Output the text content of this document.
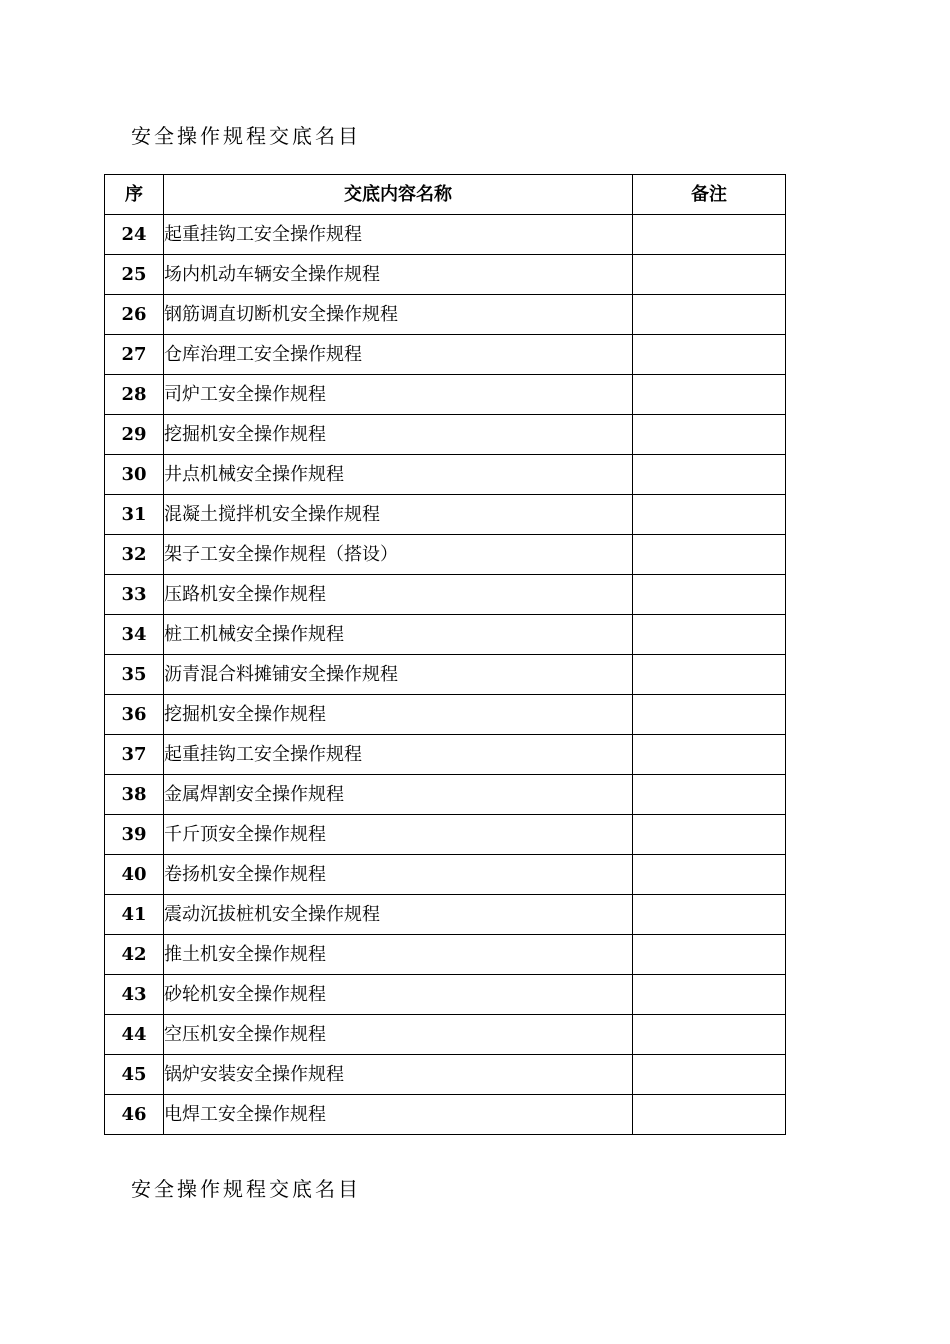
安全操作规程交底名目
序	交底内容名称	备注
24	起重挂钩工安全操作规程	
25	场内机动车辆安全操作规程	
26	钢筋调直切断机安全操作规程	
27	仓库治理工安全操作规程	
28	司炉工安全操作规程	
29	挖掘机安全操作规程	
30	井点机械安全操作规程	
31	混凝土搅拌机安全操作规程	
32	架子工安全操作规程（搭设）	
33	压路机安全操作规程	
34	桩工机械安全操作规程	
35	沥青混合料摊铺安全操作规程	
36	挖掘机安全操作规程	
37	起重挂钩工安全操作规程	
38	金属焊割安全操作规程	
39	千斤顶安全操作规程	
40	卷扬机安全操作规程	
41	震动沉拔桩机安全操作规程	
42	推土机安全操作规程	
43	砂轮机安全操作规程	
44	空压机安全操作规程	
45	锅炉安装安全操作规程	
46	电焊工安全操作规程	
安全操作规程交底名目
